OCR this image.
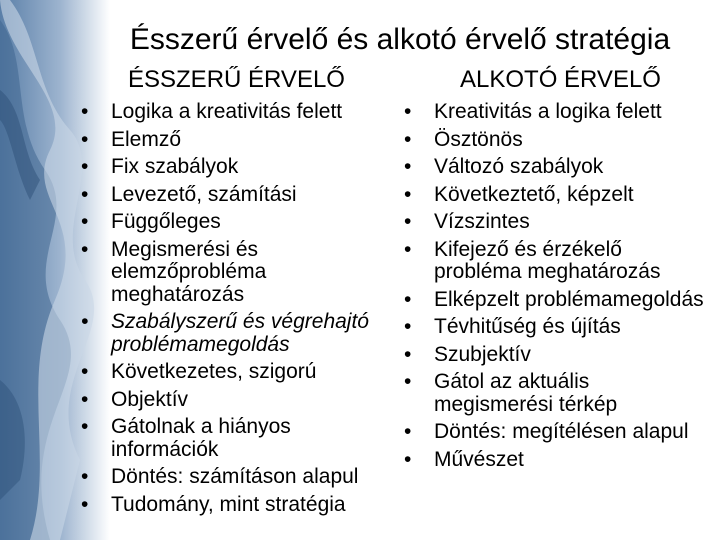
Ésszerű érvelő és alkotó érvelő stratégia
ÉSSZERŰ ÉRVELŐ	ALKOTÓ ÉRVELŐ
• Logika a kreativitás felett
• Elemző
• Fix szabályok
• Levezető, számítási
• Függőleges
• Megismerési és elemzőprobléma meghatározás
• Szabályszerű és végrehajtó problémamegoldás
• Következetes, szigorú
• Objektív
• Gátolnak a hiányos információk
• Döntés: számításon alapul
• Tudomány, mint stratégia
• Kreativitás a logika felett
• Ösztönös
• Változó szabályok
• Következtető, képzelt
• Vízszintes
• Kifejező és érzékelő probléma meghatározás
• Elképzelt problémamegoldás
• Tévhitűség és újítás
• Szubjektív
• Gátol az aktuális megismerési térkép
• Döntés: megítélésen alapul
• Művészet
